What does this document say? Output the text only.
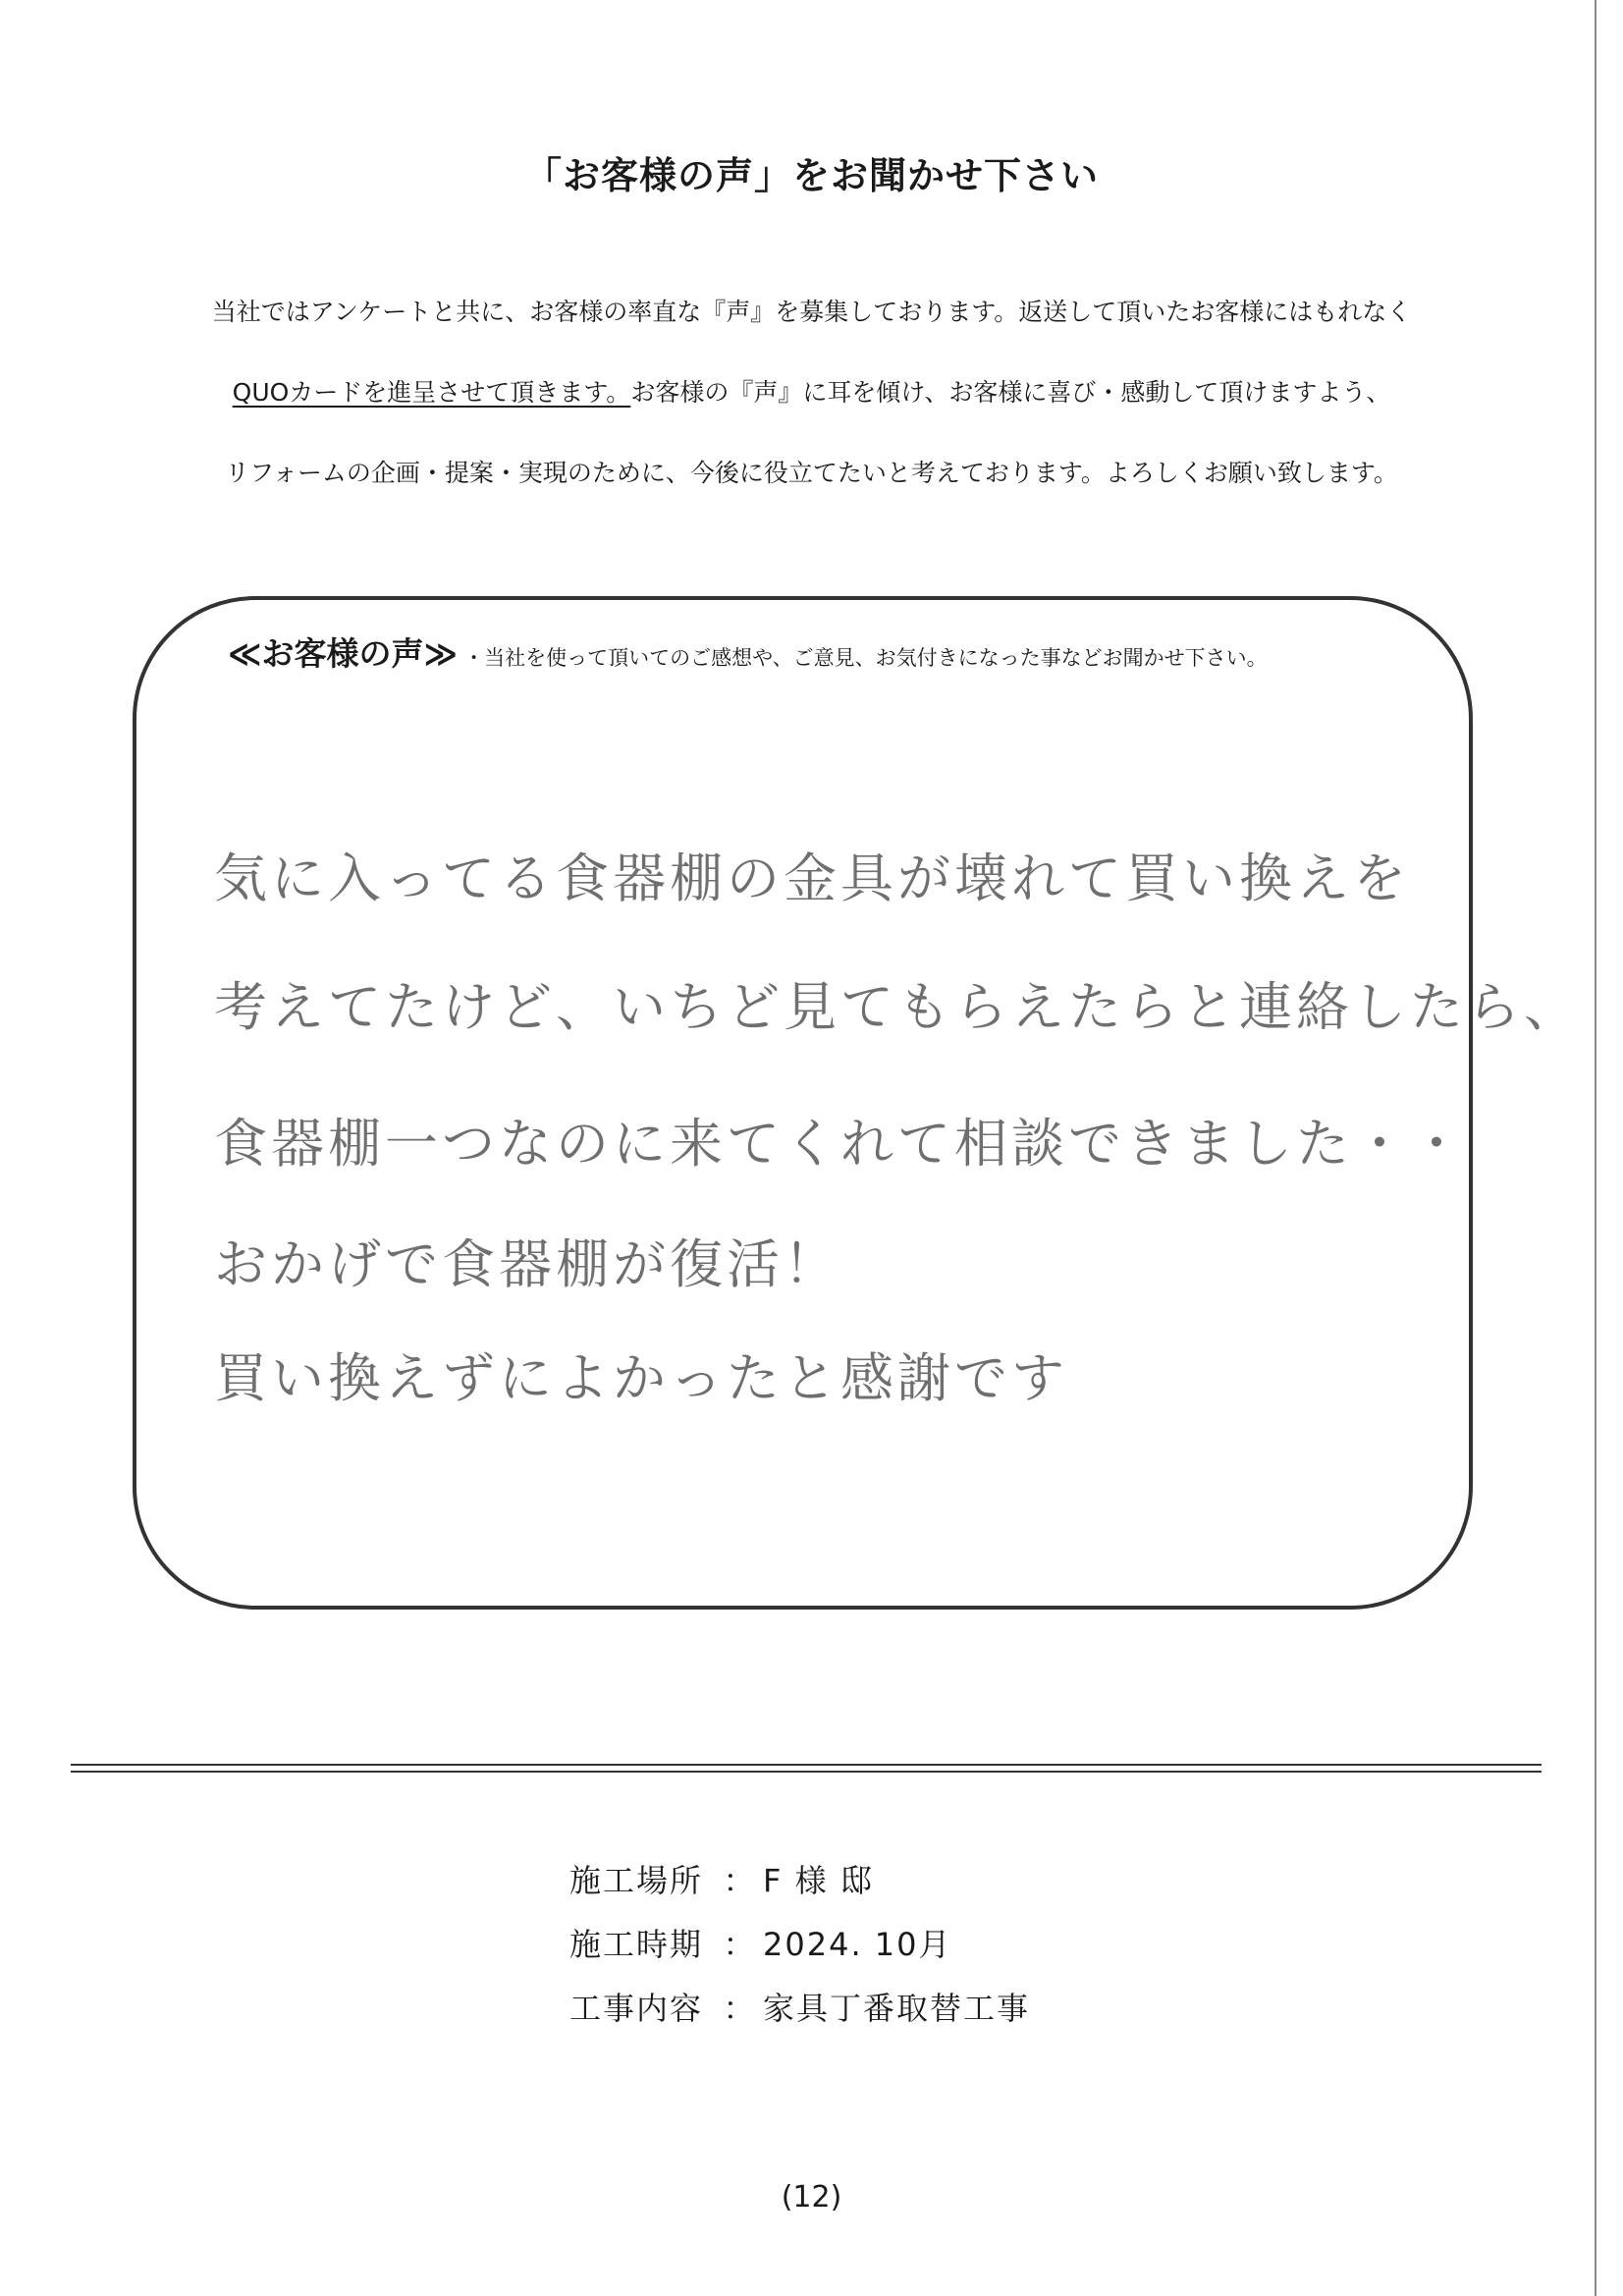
「お客様の声」をお聞かせ下さい
当社ではアンケートと共に、お客様の率直な『声』を募集しております。返送して頂いたお客様にはもれなく
QUOカードを進呈させて頂きます。お客様の『声』に耳を傾け、お客様に喜び・感動して頂けますよう、
リフォームの企画・提案・実現のために、今後に役立てたいと考えております。よろしくお願い致します。
≪お客様の声≫ ・当社を使って頂いてのご感想や、ご意見、お気付きになった事などお聞かせ下さい。
気に入ってる食器棚の金具が壊れて買い換えを
考えてたけど、いちど見てもらえたらと連絡したら、
食器棚一つなのに来てくれて相談できました・・
おかげで食器棚が復活！
買い換えずによかったと感謝です
施工場所 ： F 様 邸
施工時期 ： 2024. 10月
工事内容 ： 家具丁番取替工事
(12)
